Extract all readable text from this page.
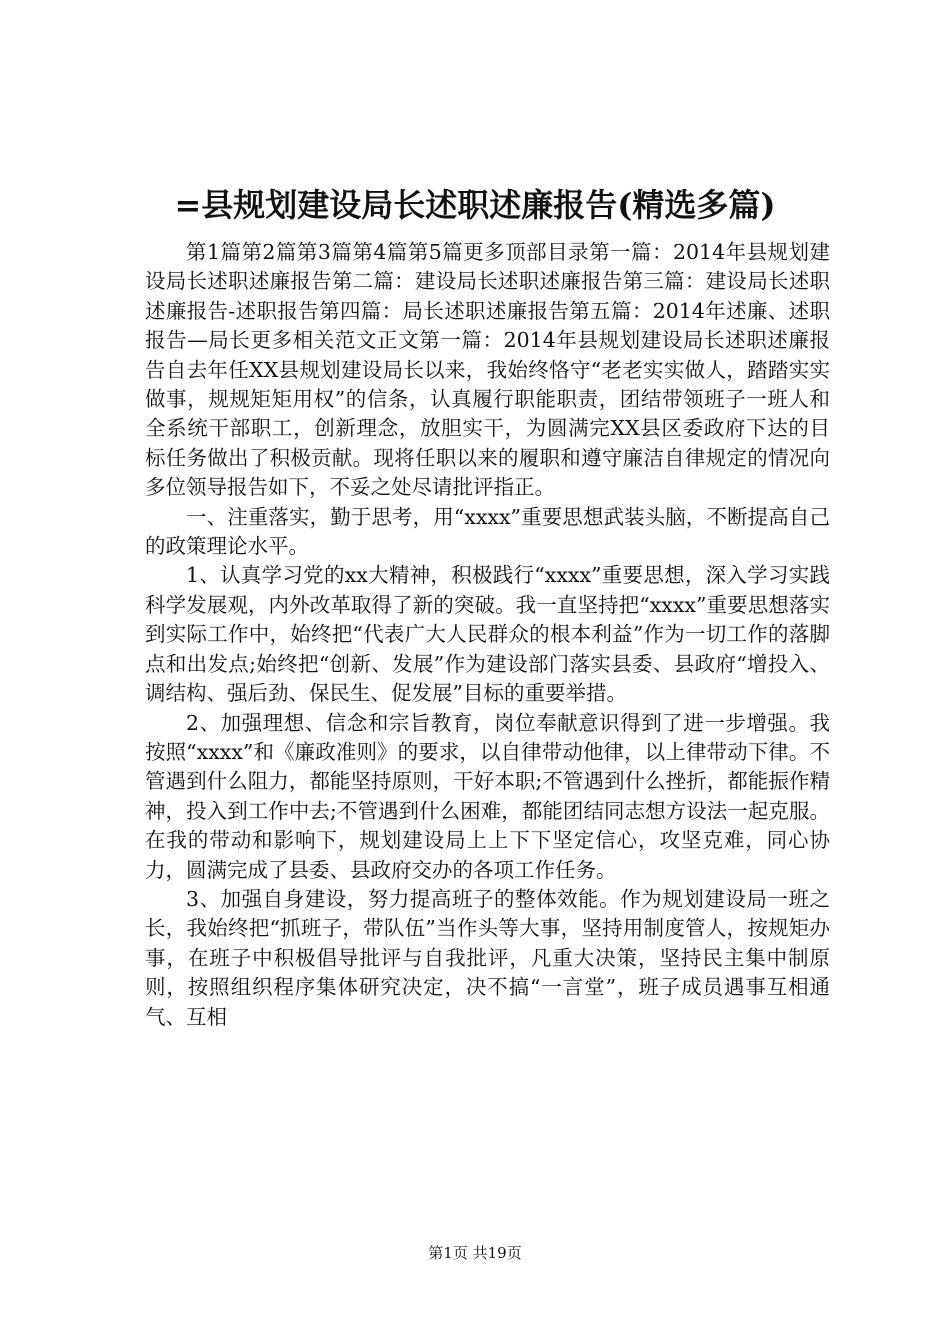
=县规划建设局长述职述廉报告(精选多篇)

第1篇第2篇第3篇第4篇第5篇更多顶部目录第一篇：2014年县规划建设局长述职述廉报告第二篇：建设局长述职述廉报告第三篇：建设局长述职述廉报告-述职报告第四篇：局长述职述廉报告第五篇：2014年述廉、述职报告—局长更多相关范文正文第一篇：2014年县规划建设局长述职述廉报告自去年任XX县规划建设局长以来，我始终恪守“老老实实做人，踏踏实实做事，规规矩矩用权”的信条，认真履行职能职责，团结带领班子一班人和全系统干部职工，创新理念，放胆实干，为圆满完XX县区委政府下达的目标任务做出了积极贡献。现将任职以来的履职和遵守廉洁自律规定的情况向多位领导报告如下，不妥之处尽请批评指正。

一、注重落实，勤于思考，用“xxxx”重要思想武装头脑，不断提高自己的政策理论水平。

1、认真学习党的xx大精神，积极践行“xxxx”重要思想，深入学习实践科学发展观，内外改革取得了新的突破。我一直坚持把“xxxx”重要思想落实到实际工作中，始终把“代表广大人民群众的根本利益”作为一切工作的落脚点和出发点;始终把“创新、发展”作为建设部门落实县委、县政府“增投入、调结构、强后劲、保民生、促发展”目标的重要举措。

2、加强理想、信念和宗旨教育，岗位奉献意识得到了进一步增强。我按照“xxxx”和《廉政准则》的要求，以自律带动他律，以上律带动下律。不管遇到什么阻力，都能坚持原则，干好本职;不管遇到什么挫折，都能振作精神，投入到工作中去;不管遇到什么困难，都能团结同志想方设法一起克服。在我的带动和影响下，规划建设局上上下下坚定信心，攻坚克难，同心协力，圆满完成了县委、县政府交办的各项工作任务。

3、加强自身建设，努力提高班子的整体效能。作为规划建设局一班之长，我始终把“抓班子，带队伍”当作头等大事，坚持用制度管人，按规矩办事，在班子中积极倡导批评与自我批评，凡重大决策，坚持民主集中制原则，按照组织程序集体研究决定，决不搞“一言堂”，班子成员遇事互相通气、互相

第1页 共19页
